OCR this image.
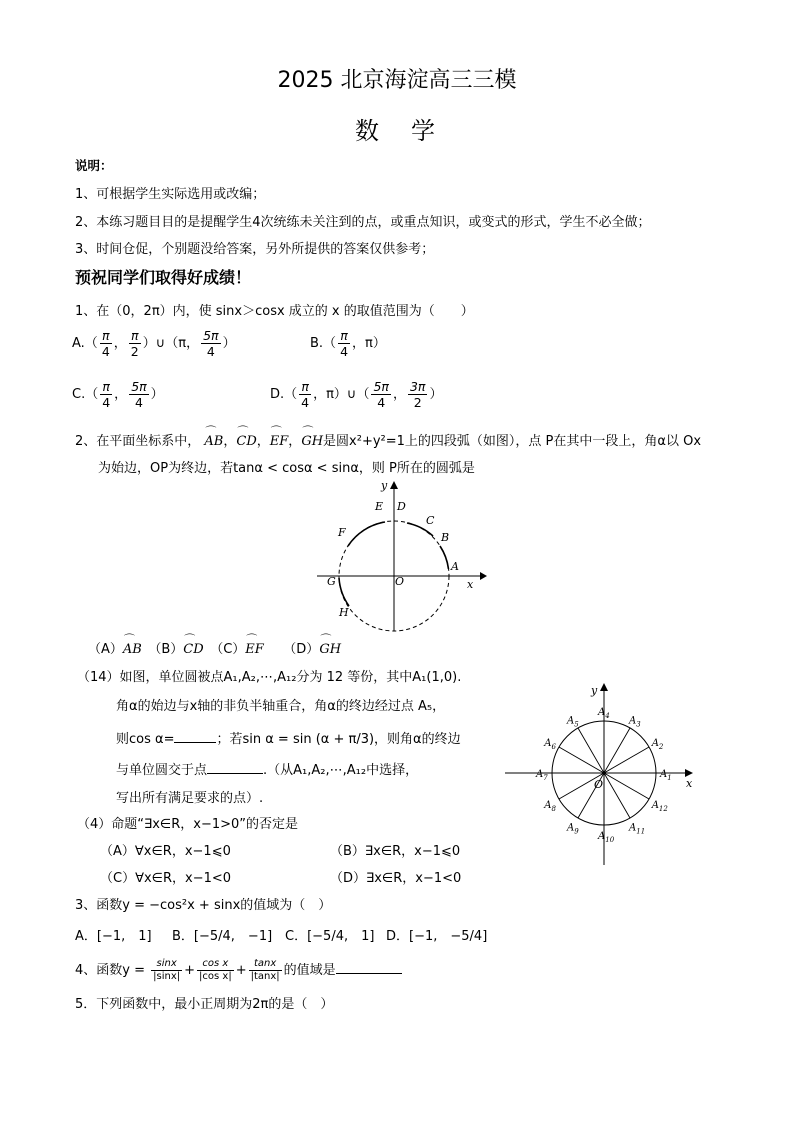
2025 北京海淀高三三模
数　学
说明：
1、可根据学生实际选用或改编；
2、本练习题目目的是提醒学生4次统练未关注到的点，或重点知识，或变式的形式，学生不必全做；
3、时间仓促，个别题没给答案，另外所提供的答案仅供参考；
预祝同学们取得好成绩！
1、在（0，2π）内，使 sinx＞cosx 成立的 x 的取值范围为（　　）
$A.( \frac{\pi}{4}$ ， $\frac{\pi}{2}$ ）∪（π， $\frac{5\pi}{4}$ ）	$B.( \frac{\pi}{4}$ ，π）
$C.( \frac{\pi}{4}$ ， $\frac{5\pi}{4}$ ）	$D.( \frac{\pi}{4}$ ，π）∪（ $\frac{5\pi}{4}$ ， $\frac{3\pi}{2}$ ）
2、在平面坐标系中， ⌒ AB，⌒ CD，⌒ EF，⌒ GH是圆x²+y²=1上的四段弧（如图），点 P在其中一段上，角α以 Ox
为始边，OP为终边，若tanα < cosα < sinα，则 P所在的圆弧是
y
x
O
A
B
C
D
E
F
G
H
（A）⌒ AB　 （B）⌒ CD　 （C）⌒ EF　　 （D）⌒ GH
（14）如图，单位圆被点A₁,A₂,⋯,A₁₂分为 12 等份，其中A₁(1,0).
角α的始边与x轴的非负半轴重合，角α的终边经过点 A₅，
则cos α=	；若sin α = sin (α + π/3)，则角α的终边
与单位圆交于点	.（从A₁,A₂,⋯,A₁₂中选择，
写出所有满足要求的点）.
$A_1$
$A_2$
$A_3$
$A_4$
$A_5$
$A_6$
$A_7$
$A_8$
$A_9$ $A_{10}$
$A_{11}$
$A_{12}$
y
x
O
（4）命题“∃x∈R，x−1>0”的否定是
（A）∀x∈R，x−1⩽0	（B）∃x∈R，x−1⩽0
（C）∀x∈R，x−1<0	（D）∃x∈R，x−1<0
3、函数y = −cos²x + sinx的值域为（　）
A．[−1,　1] B．[−5/4,　−1] C．[−5/4,　1] D．[−1,　−5/4]
4、函数$y = \frac{\sin x}{|\sin x|} + \frac{\text{cos x}}{\text{|cos x|}} + \frac{\tan x}{|\tan x|}$ 的值域是
5．下列函数中，最小正周期为2π的是（　）
